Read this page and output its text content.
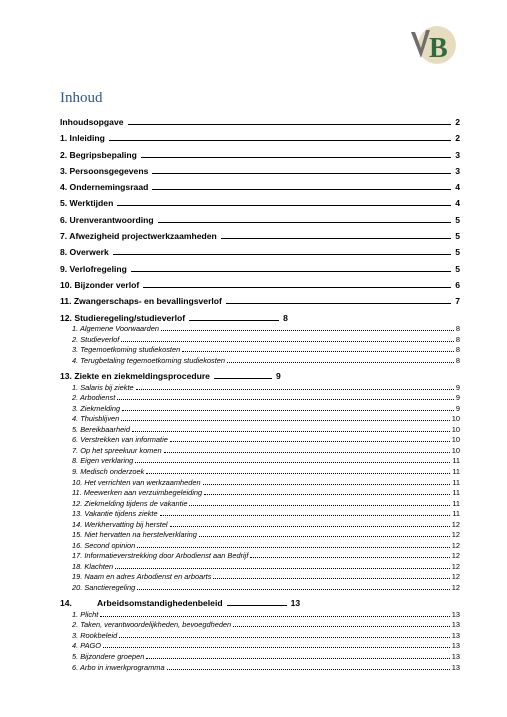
B
Inhoud
Inhoudsopgave	2
1. Inleiding	2
2. Begripsbepaling	3
3. Persoonsgegevens	3
4. Ondernemingsraad	4
5. Werktijden	4
6. Urenverantwoording	5
7. Afwezigheid projectwerkzaamheden	5
8. Overwerk	5
9. Verlofregeling	5
10. Bijzonder verlof	6
11. Zwangerschaps- en bevallingsverlof	7
12. Studieregeling/studieverlof	8
1. Algemene Voorwaarden	8
2. Studieverlof	8
3. Tegemoetkoming studiekosten	8
4. Terugbetaling tegemoetkoming studiekosten	8
13. Ziekte en ziekmeldingsprocedure	9
1. Salaris bij ziekte	9
2. Arbodienst	9
3. Ziekmelding	9
4. Thuisblijven	10
5. Bereikbaarheid	10
6. Verstrekken van informatie	10
7. Op het spreekuur komen	10
8. Eigen verklaring	11
9. Medisch onderzoek	11
10. Het verrichten van werkzaamheden	11
11. Meewerken aan verzuimbegeleiding	11
12. Ziekmelding tijdens de vakantie	11
13. Vakantie tijdens ziekte	11
14. Werkhervatting bij herstel	12
15. Niet hervatten na herstelverklaring	12
16. Second opinion	12
17. Informatieverstrekking door Arbodienst aan Bedrijf	12
18. Klachten	12
19. Naam en adres Arbodienst en arboarts	12
20. Sanctieregeling	12
14.	Arbeidsomstandighedenbeleid	13
1. Plicht	13
2. Taken, verantwoordelijkheden, bevoegdheden	13
3. Rookbeleid	13
4. PAGO	13
5. Bijzondere groepen	13
6. Arbo in inwerkprogramma	13
